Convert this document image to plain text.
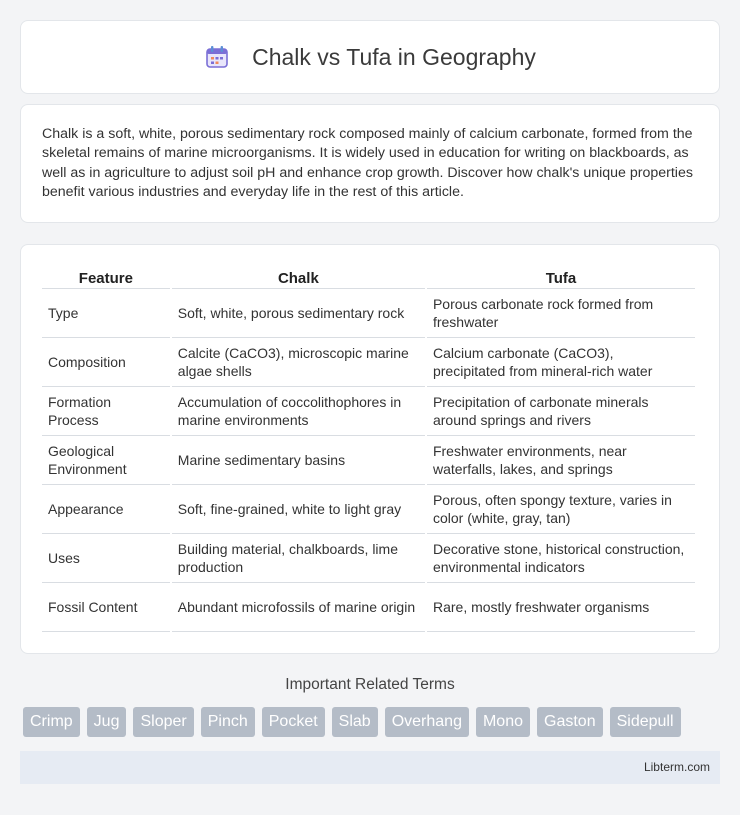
Chalk vs Tufa in Geography

Chalk is a soft, white, porous sedimentary rock composed mainly of calcium carbonate, formed from the skeletal remains of marine microorganisms. It is widely used in education for writing on blackboards, as well as in agriculture to adjust soil pH and enhance crop growth. Discover how chalk's unique properties benefit various industries and everyday life in the rest of this article.

Feature	Chalk	Tufa
Type	Soft, white, porous sedimentary rock	Porous carbonate rock formed from freshwater
Composition	Calcite (CaCO3), microscopic marine algae shells	Calcium carbonate (CaCO3), precipitated from mineral-rich water
Formation Process	Accumulation of coccolithophores in marine environments	Precipitation of carbonate minerals around springs and rivers
Geological Environment	Marine sedimentary basins	Freshwater environments, near waterfalls, lakes, and springs
Appearance	Soft, fine-grained, white to light gray	Porous, often spongy texture, varies in color (white, gray, tan)
Uses	Building material, chalkboards, lime production	Decorative stone, historical construction, environmental indicators
Fossil Content	Abundant microfossils of marine origin	Rare, mostly freshwater organisms
Important Related Terms
Crimp	Jug	Sloper	Pinch	Pocket	Slab	Overhang	Mono	Gaston	Sidepull
Libterm.com
